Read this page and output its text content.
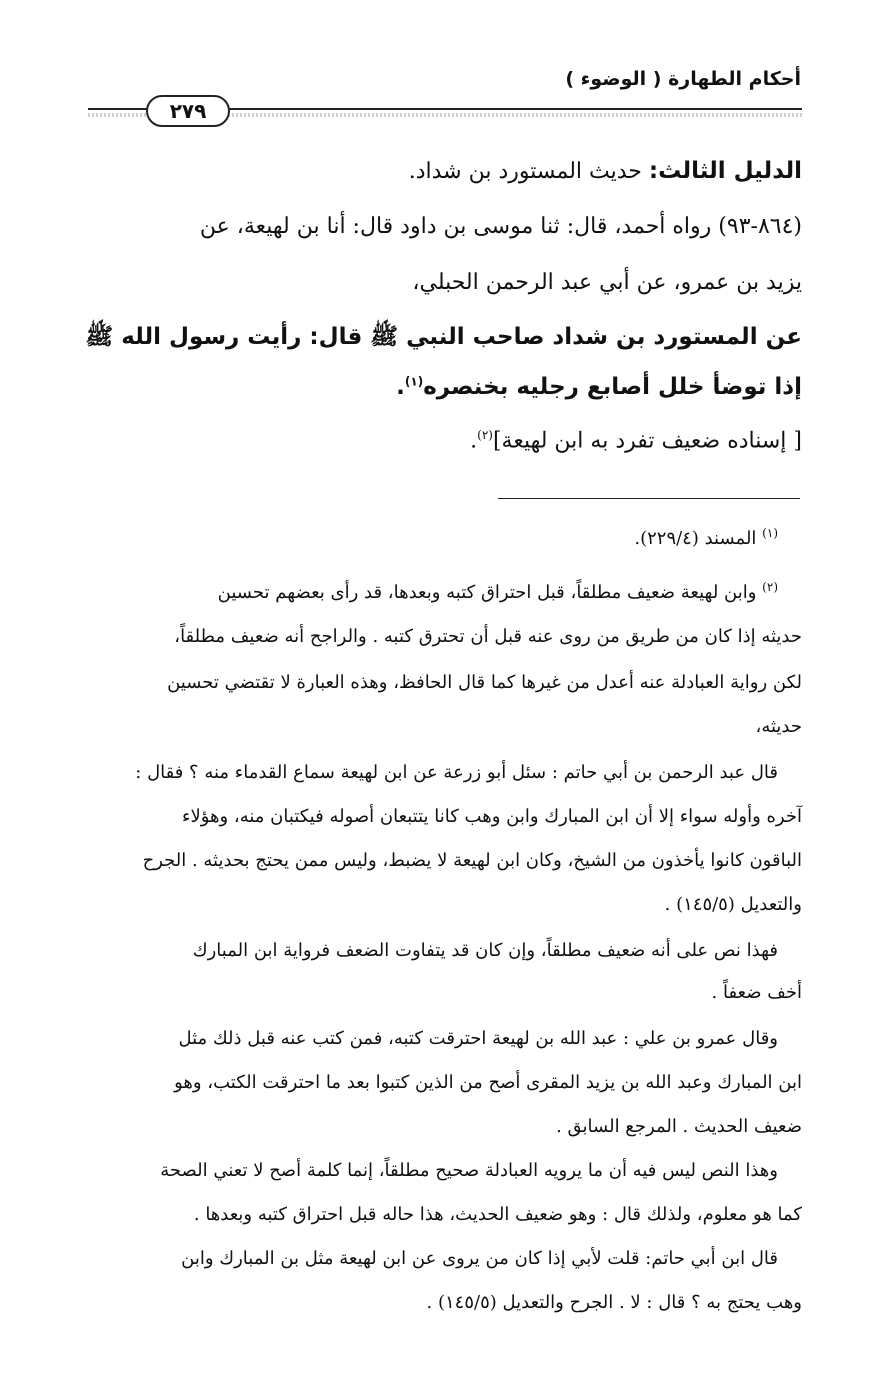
أحكام الطهارة ( الوضوء )
٢٧٩
الدليل الثالث: حديث المستورد بن شداد.
(٨٦٤-٩٣) رواه أحمد، قال: ثنا موسى بن داود قال: أنا بن لهيعة، عن
يزيد بن عمرو، عن أبي عبد الرحمن الحبلي،
عن المستورد بن شداد صاحب النبي ﷺ قال: رأيت رسول الله ﷺ
إذا توضأ خلل أصابع رجليه بخنصره$^{(١)}$.
[ إسناده ضعيف تفرد به ابن لهيعة]$^{(٢)}$.
$^{(١)}$ المسند (٢٢٩/٤).
$^{(٢)}$ وابن لهيعة ضعيف مطلقاً، قبل احتراق كتبه وبعدها، قد رأى بعضهم تحسين
حديثه إذا كان من طريق من روى عنه قبل أن تحترق كتبه . والراجح أنه ضعيف مطلقاً،
لكن رواية العبادلة عنه أعدل من غيرها كما قال الحافظ، وهذه العبارة لا تقتضي تحسين
حديثه،
قال عبد الرحمن بن أبي حاتم : سئل أبو زرعة عن ابن لهيعة سماع القدماء منه ؟ فقال :
آخره وأوله سواء إلا أن ابن المبارك وابن وهب كانا يتتبعان أصوله فيكتبان منه، وهؤلاء
الباقون كانوا يأخذون من الشيخ، وكان ابن لهيعة لا يضبط، وليس ممن يحتج بحديثه . الجرح
والتعديل (١٤٥/٥) .
فهذا نص على أنه ضعيف مطلقاً، وإن كان قد يتفاوت الضعف فرواية ابن المبارك
أخف ضعفاً .
وقال عمرو بن علي : عبد الله بن لهيعة احترقت كتبه، فمن كتب عنه قبل ذلك مثل
ابن المبارك وعبد الله بن يزيد المقرى أصح من الذين كتبوا بعد ما احترقت الكتب، وهو
ضعيف الحديث . المرجع السابق .
وهذا النص ليس فيه أن ما يرويه العبادلة صحيح مطلقاً، إنما كلمة أصح لا تعني الصحة
كما هو معلوم، ولذلك قال : وهو ضعيف الحديث، هذا حاله قبل احتراق كتبه وبعدها .
قال ابن أبي حاتم: قلت لأبي إذا كان من يروى عن ابن لهيعة مثل بن المبارك وابن
وهب يحتج به ؟ قال : لا . الجرح والتعديل (١٤٥/٥) .
